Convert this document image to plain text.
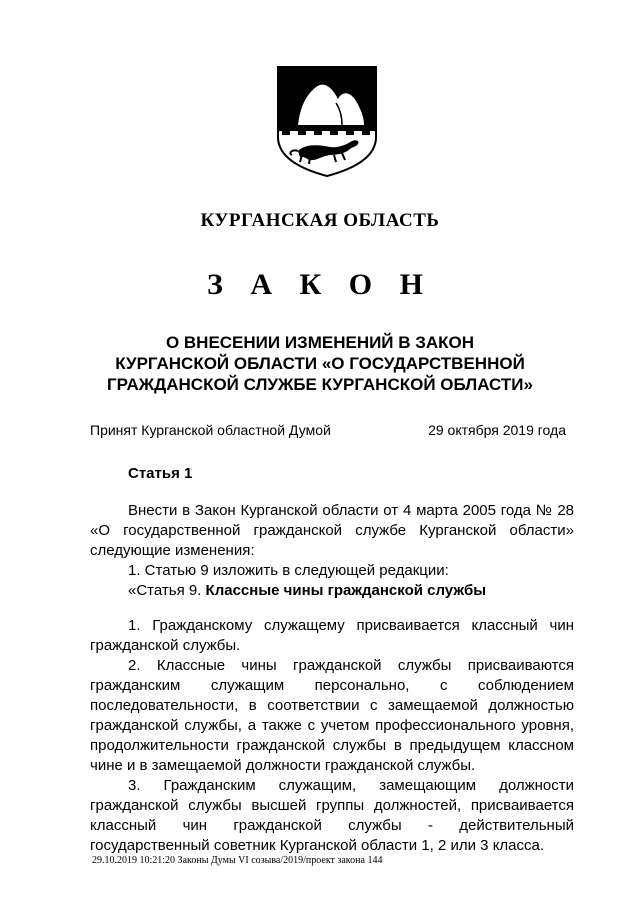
КУРГАНСКАЯ ОБЛАСТЬ
З А К О Н
О ВНЕСЕНИИ ИЗМЕНЕНИЙ В ЗАКОН
КУРГАНСКОЙ ОБЛАСТИ «О ГОСУДАРСТВЕННОЙ
ГРАЖДАНСКОЙ СЛУЖБЕ КУРГАНСКОЙ ОБЛАСТИ»
Принят Курганской областной Думой	29 октября 2019 года
Статья 1

Внести в Закон Курганской области от 4 марта 2005 года № 28 «О государственной гражданской службе Курганской области» следующие изменения:

1. Статью 9 изложить в следующей редакции:

«Статья 9. Классные чины гражданской службы

1. Гражданскому служащему присваивается классный чин гражданской службы.

2. Классные чины гражданской службы присваиваются гражданским служащим персонально, с соблюдением последовательности, в соответствии с замещаемой должностью гражданской службы, а также с учетом профессионального уровня, продолжительности гражданской службы в предыдущем классном чине и в замещаемой должности гражданской службы.

3. Гражданским служащим, замещающим должности гражданской службы высшей группы должностей, присваивается классный чин гражданской службы - действительный государственный советник Курганской области 1, 2 или 3 класса.

29.10.2019 10:21:20 Законы Думы VI созыва/2019/проект закона 144
